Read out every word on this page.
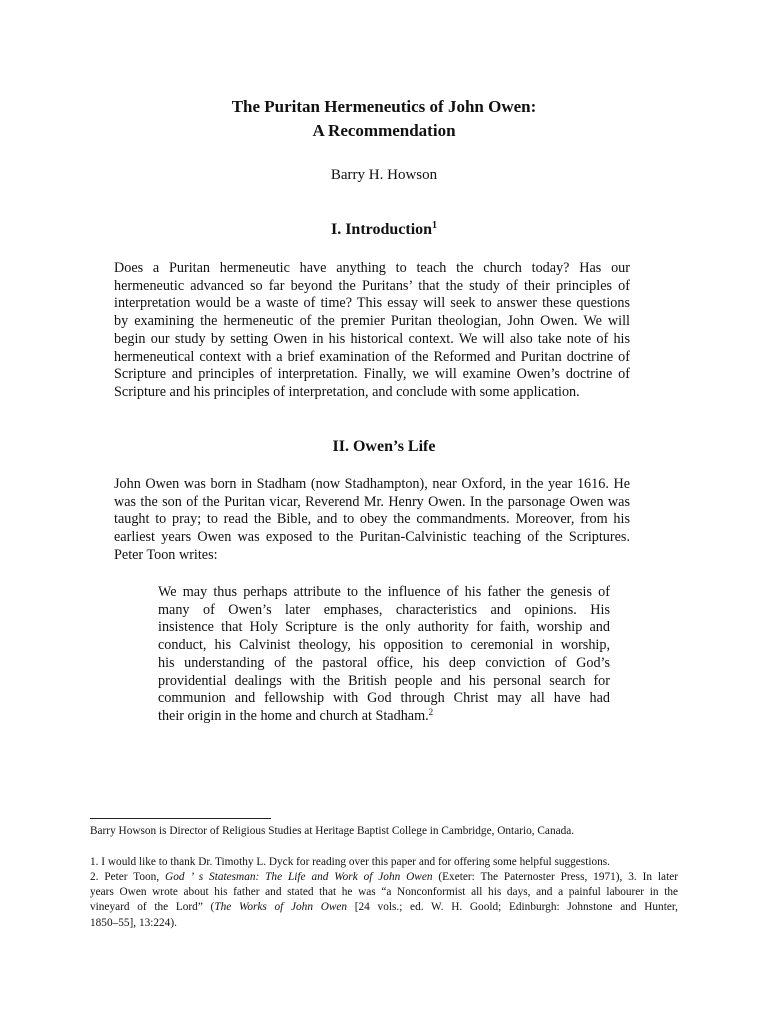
The Puritan Hermeneutics of John Owen:
A Recommendation
Barry H. Howson
I. Introduction$^1$
Does a Puritan hermeneutic have anything to teach the church today? Has our
hermeneutic advanced so far beyond the Puritans’ that the study of their principles of
interpretation would be a waste of time? This essay will seek to answer these questions
by examining the hermeneutic of the premier Puritan theologian, John Owen. We will
begin our study by setting Owen in his historical context. We will also take note of his
hermeneutical context with a brief examination of the Reformed and Puritan doctrine of
Scripture and principles of interpretation. Finally, we will examine Owen’s doctrine of
Scripture and his principles of interpretation, and conclude with some application.
II. Owen’s Life
John Owen was born in Stadham (now Stadhampton), near Oxford, in the year 1616. He
was the son of the Puritan vicar, Reverend Mr. Henry Owen. In the parsonage Owen was
taught to pray; to read the Bible, and to obey the commandments. Moreover, from his
earliest years Owen was exposed to the Puritan-Calvinistic teaching of the Scriptures.
Peter Toon writes:
We may thus perhaps attribute to the influence of his father the genesis of
many of Owen’s later emphases, characteristics and opinions. His
insistence that Holy Scripture is the only authority for faith, worship and
conduct, his Calvinist theology, his opposition to ceremonial in worship,
his understanding of the pastoral office, his deep conviction of God’s
providential dealings with the British people and his personal search for
communion and fellowship with God through Christ may all have had
their origin in the home and church at Stadham.$^2$
Barry Howson is Director of Religious Studies at Heritage Baptist College in Cambridge, Ontario, Canada.
1. I would like to thank Dr. Timothy L. Dyck for reading over this paper and for offering some helpful suggestions.
2. Peter Toon, God ’ s Statesman: The Life and Work of John Owen (Exeter: The Paternoster Press, 1971), 3. In later
years Owen wrote about his father and stated that he was “a Nonconformist all his days, and a painful labourer in the
vineyard of the Lord” (The Works of John Owen [24 vols.; ed. W. H. Goold; Edinburgh: Johnstone and Hunter,
1850–55], 13:224).
